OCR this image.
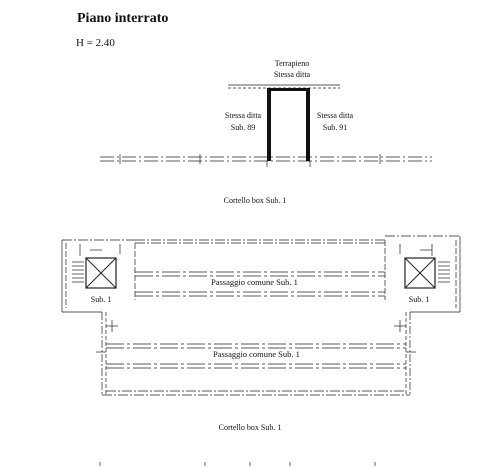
Piano interrato
H = 2.40
Terrapieno
Stessa ditta
Stessa ditta
Sub. 89
Stessa ditta
Sub. 91
Cortello box Sub. 1
Sub. 1	Sub. 1
Passaggio comune Sub. 1
Passaggio comune Sub. 1
Cortello box Sub. 1
